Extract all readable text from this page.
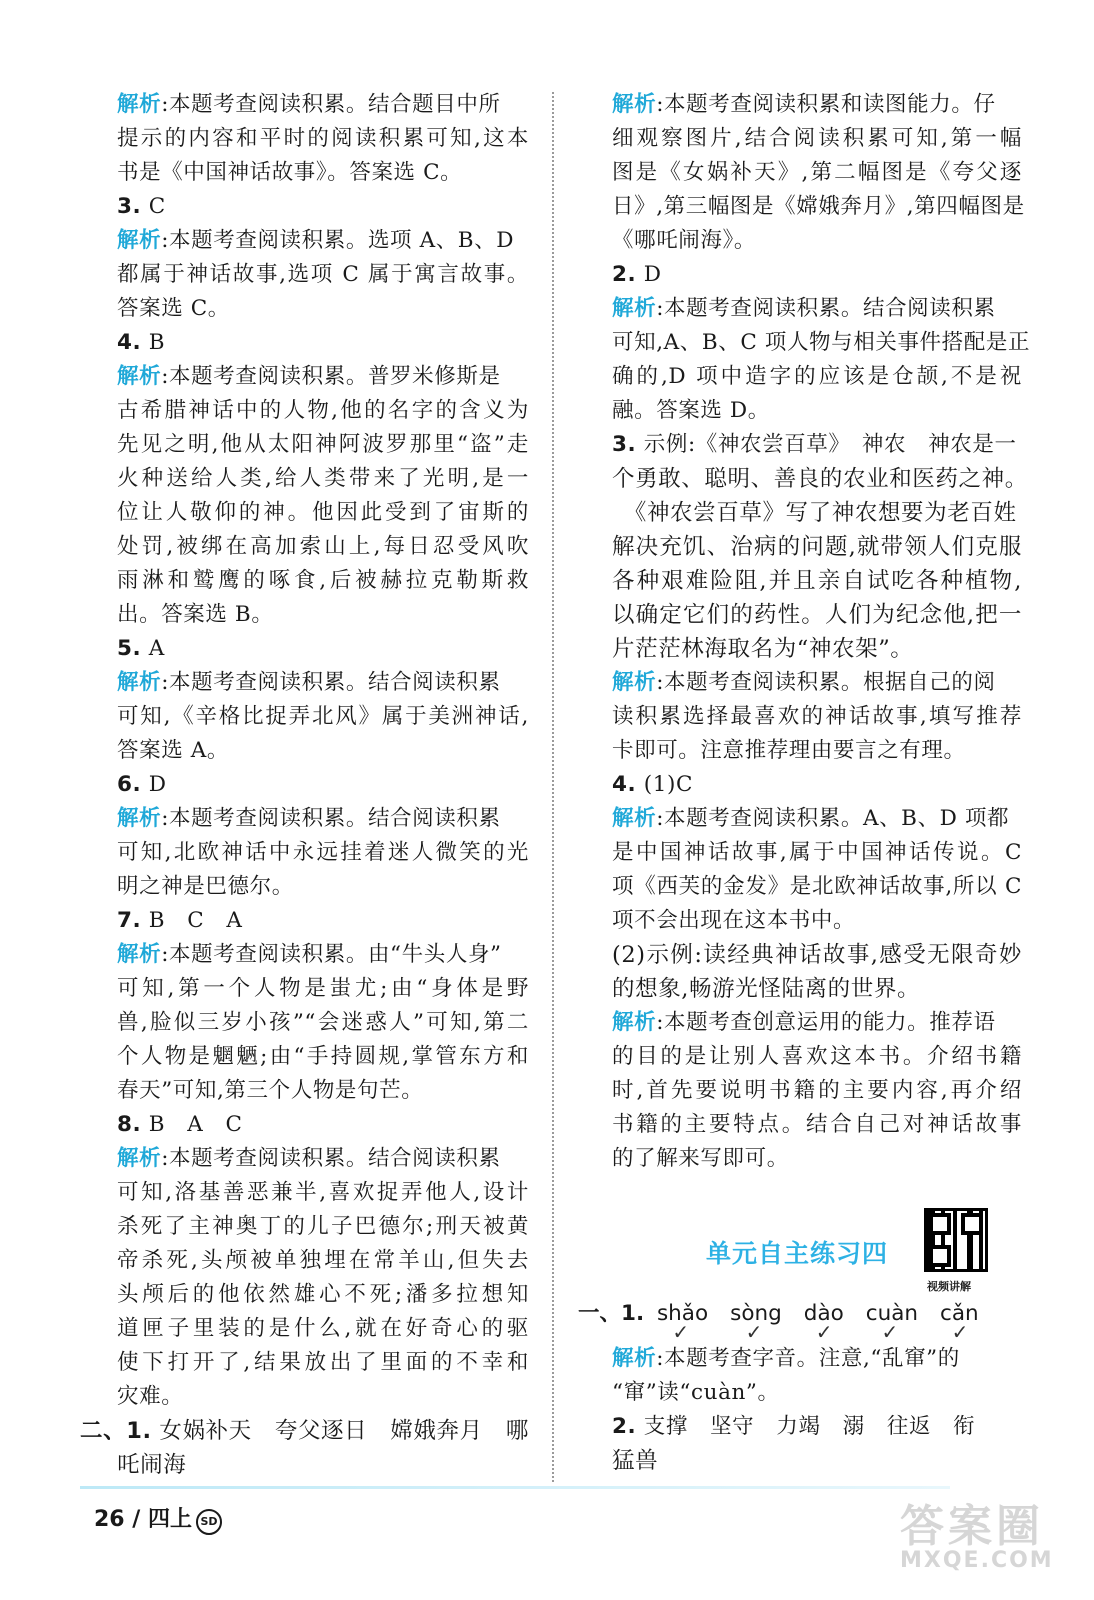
解析:本题考查阅读积累。结合题目中所
提示的内容和平时的阅读积累可知,这本
书是《中国神话故事》。答案选 C。
3. C
解析:本题考查阅读积累。选项 A、B、D
都属于神话故事,选项 C 属于寓言故事。
答案选 C。
4. B
解析:本题考查阅读积累。普罗米修斯是
古希腊神话中的人物,他的名字的含义为
先见之明,他从太阳神阿波罗那里“盗”走
火种送给人类,给人类带来了光明,是一
位让人敬仰的神。他因此受到了宙斯的
处罚,被绑在高加索山上,每日忍受风吹
雨淋和鹫鹰的啄食,后被赫拉克勒斯救
出。答案选 B。
5. A
解析:本题考查阅读积累。结合阅读积累
可知,《辛格比捉弄北风》属于美洲神话,
答案选 A。
6. D
解析:本题考查阅读积累。结合阅读积累
可知,北欧神话中永远挂着迷人微笑的光
明之神是巴德尔。
7. B　C　A
解析:本题考查阅读积累。由“牛头人身”
可知,第一个人物是蚩尤;由“身体是野
兽,脸似三岁小孩”“会迷惑人”可知,第二
个人物是魍魉;由“手持圆规,掌管东方和
春天”可知,第三个人物是句芒。
8. B　A　C
解析:本题考查阅读积累。结合阅读积累
可知,洛基善恶兼半,喜欢捉弄他人,设计
杀死了主神奥丁的儿子巴德尔;刑天被黄
帝杀死,头颅被单独埋在常羊山,但失去
头颅后的他依然雄心不死;潘多拉想知
道匣子里装的是什么,就在好奇心的驱
使下打开了,结果放出了里面的不幸和
灾难。
二、1. 女娲补天　夸父逐日　嫦娥奔月　哪
吒闹海
解析:本题考查阅读积累和读图能力。仔
细观察图片,结合阅读积累可知,第一幅
图是《女娲补天》,第二幅图是《夸父逐
日》,第三幅图是《嫦娥奔月》,第四幅图是
《哪吒闹海》。
2. D
解析:本题考查阅读积累。结合阅读积累
可知,A、B、C 项人物与相关事件搭配是正
确的,D 项中造字的应该是仓颉,不是祝
融。答案选 D。
3. 示例:《神农尝百草》　神农　神农是一
个勇敢、聪明、善良的农业和医药之神。
　《神农尝百草》写了神农想要为老百姓
解决充饥、治病的问题,就带领人们克服
各种艰难险阻,并且亲自试吃各种植物,
以确定它们的药性。人们为纪念他,把一
片茫茫林海取名为“神农架”。
解析:本题考查阅读积累。根据自己的阅
读积累选择最喜欢的神话故事,填写推荐
卡即可。注意推荐理由要言之有理。
4. (1)C
解析:本题考查阅读积累。A、B、D 项都
是中国神话故事,属于中国神话传说。C
项《西芙的金发》是北欧神话故事,所以 C
项不会出现在这本书中。
(2)示例:读经典神话故事,感受无限奇妙
的想象,畅游光怪陆离的世界。
解析:本题考查创意运用的能力。推荐语
的目的是让别人喜欢这本书。介绍书籍
时,首先要说明书籍的主要内容,再介绍
书籍的主要特点。结合自己对神话故事
的了解来写即可。
单元自主练习四
视频讲解
一、1. shǎo ✓ sòng ✓ dào ✓ cuàn ✓ cǎn ✓
解析:本题考查字音。注意,“乱窜”的
“窜”读“cuàn”。
2. 支撑　坚守　力竭　溺　往返　衔
猛兽
26 / 四上 SD	答案圈
MXQE.COM
